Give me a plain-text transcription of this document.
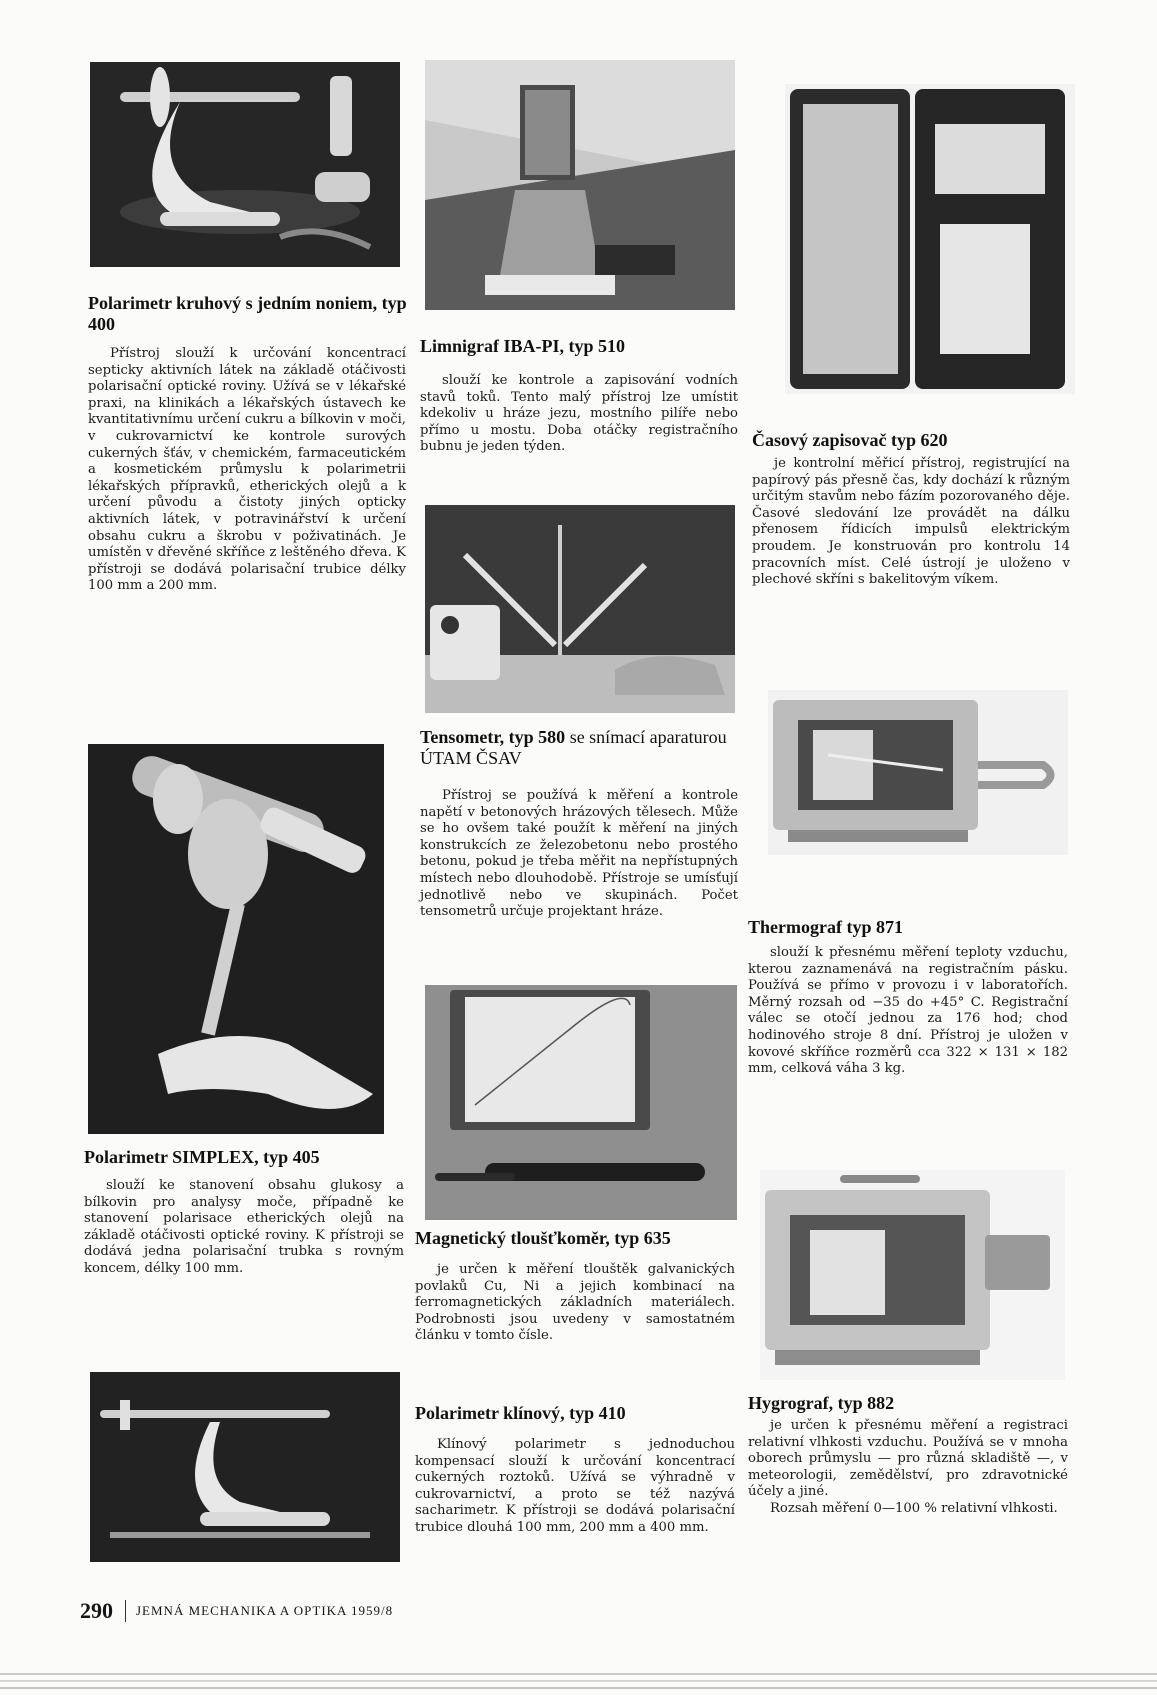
Polarimetr kruhový s jedním noniem, typ 400

Přístroj slouží k určování koncentrací septicky aktivních látek na základě otáčivosti polarisační optické roviny. Užívá se v lékařské praxi, na klinikách a lékařských ústavech ke kvantitativnímu určení cukru a bílkovin v moči, v cukrovarnictví ke kontrole surových cukerných šťáv, v chemickém, farmaceutickém a kosmetickém průmyslu k polarimetrii lékařských přípravků, etherických olejů a k určení původu a čistoty jiných opticky aktivních látek, v potravinářství k určení obsahu cukru a škrobu v poživatinách. Je umístěn v dřevěné skříňce z leštěného dřeva. K přístroji se dodává polarisační trubice délky 100 mm a 200 mm.

Polarimetr SIMPLEX, typ 405

slouží ke stanovení obsahu glukosy a bílkovin pro analysy moče, případně ke stanovení polarisace etherických olejů na základě otáčivosti optické roviny. K přístroji se dodává jedna polarisační trubka s rovným koncem, délky 100 mm.

Limnigraf IBA-PI, typ 510

slouží ke kontrole a zapisování vodních stavů toků. Tento malý přístroj lze umístit kdekoliv u hráze jezu, mostního pilíře nebo přímo u mostu. Doba otáčky registračního bubnu je jeden týden.

Tensometr, typ 580 se snímací aparaturou ÚTAM ČSAV

Přístroj se používá k měření a kontrole napětí v betonových hrázových tělesech. Může se ho ovšem také použít k měření na jiných konstrukcích ze železobetonu nebo prostého betonu, pokud je třeba měřit na nepřístupných místech nebo dlouhodobě. Přístroje se umísťují jednotlivě nebo ve skupinách. Počet tensometrů určuje projektant hráze.

Magnetický tloušťkoměr, typ 635

je určen k měření tlouštěk galvanických povlaků Cu, Ni a jejich kombinací na ferromagnetických základních materiálech. Podrobnosti jsou uvedeny v samostatném článku v tomto čísle.

Polarimetr klínový, typ 410

Klínový polarimetr s jednoduchou kompensací slouží k určování koncentrací cukerných roztoků. Užívá se výhradně v cukrovarnictví, a proto se též nazývá sacharimetr. K přístroji se dodává polarisační trubice dlouhá 100 mm, 200 mm a 400 mm.

Časový zapisovač typ 620

je kontrolní měřicí přístroj, registrující na papírový pás přesně čas, kdy dochází k různým určitým stavům nebo fázím pozorovaného děje. Časové sledování lze provádět na dálku přenosem řídicích impulsů elektrickým proudem. Je konstruován pro kontrolu 14 pracovních míst. Celé ústrojí je uloženo v plechové skříni s bakelitovým víkem.

Thermograf typ 871

slouží k přesnému měření teploty vzduchu, kterou zaznamenává na registračním pásku. Používá se přímo v provozu i v laboratořích. Měrný rozsah od −35 do +45° C. Registrační válec se otočí jednou za 176 hod; chod hodinového stroje 8 dní. Přístroj je uložen v kovové skříňce rozměrů cca 322 × 131 × 182 mm, celková váha 3 kg.

Hygrograf, typ 882

je určen k přesnému měření a registraci relativní vlhkosti vzduchu. Používá se v mnoha oborech průmyslu — pro různá skladiště —, v meteorologii, zemědělství, pro zdravotnické účely a jiné.
Rozsah měření 0—100 % relativní vlhkosti.

290 JEMNÁ MECHANIKA A OPTIKA 1959/8
